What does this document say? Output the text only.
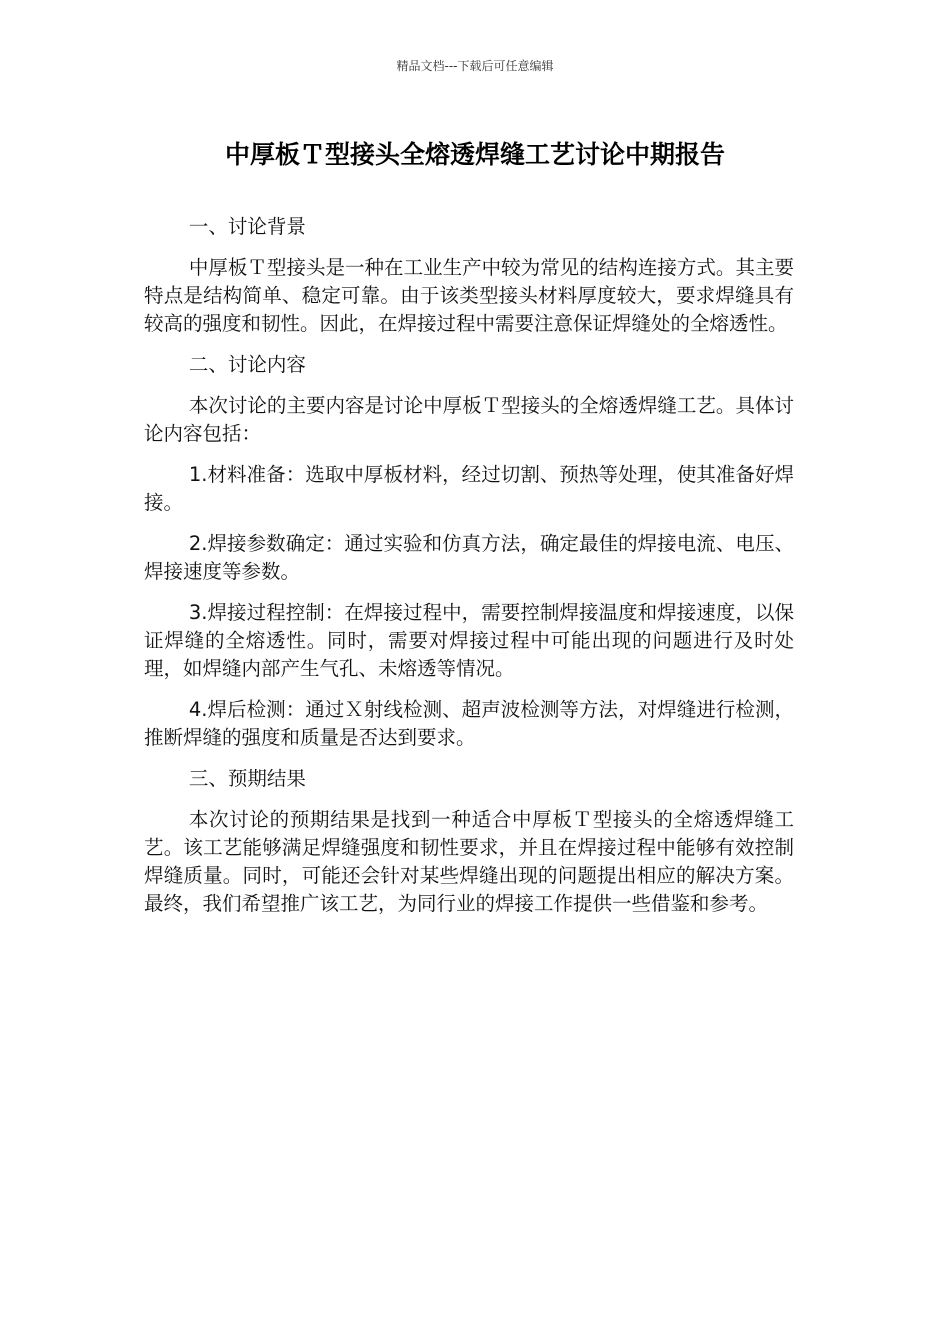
精品文档---下载后可任意编辑
中厚板Ｔ型接头全熔透焊缝工艺讨论中期报告

一、讨论背景

中厚板Ｔ型接头是一种在工业生产中较为常见的结构连接方式。其主要特点是结构简单、稳定可靠。由于该类型接头材料厚度较大，要求焊缝具有较高的强度和韧性。因此，在焊接过程中需要注意保证焊缝处的全熔透性。

二、讨论内容

本次讨论的主要内容是讨论中厚板Ｔ型接头的全熔透焊缝工艺。具体讨论内容包括：

1.材料准备：选取中厚板材料，经过切割、预热等处理，使其准备好焊接。

2.焊接参数确定：通过实验和仿真方法，确定最佳的焊接电流、电压、焊接速度等参数。

3.焊接过程控制：在焊接过程中，需要控制焊接温度和焊接速度，以保证焊缝的全熔透性。同时，需要对焊接过程中可能出现的问题进行及时处理，如焊缝内部产生气孔、未熔透等情况。

4.焊后检测：通过Ｘ射线检测、超声波检测等方法，对焊缝进行检测，推断焊缝的强度和质量是否达到要求。

三、预期结果

本次讨论的预期结果是找到一种适合中厚板Ｔ型接头的全熔透焊缝工艺。该工艺能够满足焊缝强度和韧性要求，并且在焊接过程中能够有效控制焊缝质量。同时，可能还会针对某些焊缝出现的问题提出相应的解决方案。最终，我们希望推广该工艺，为同行业的焊接工作提供一些借鉴和参考。
